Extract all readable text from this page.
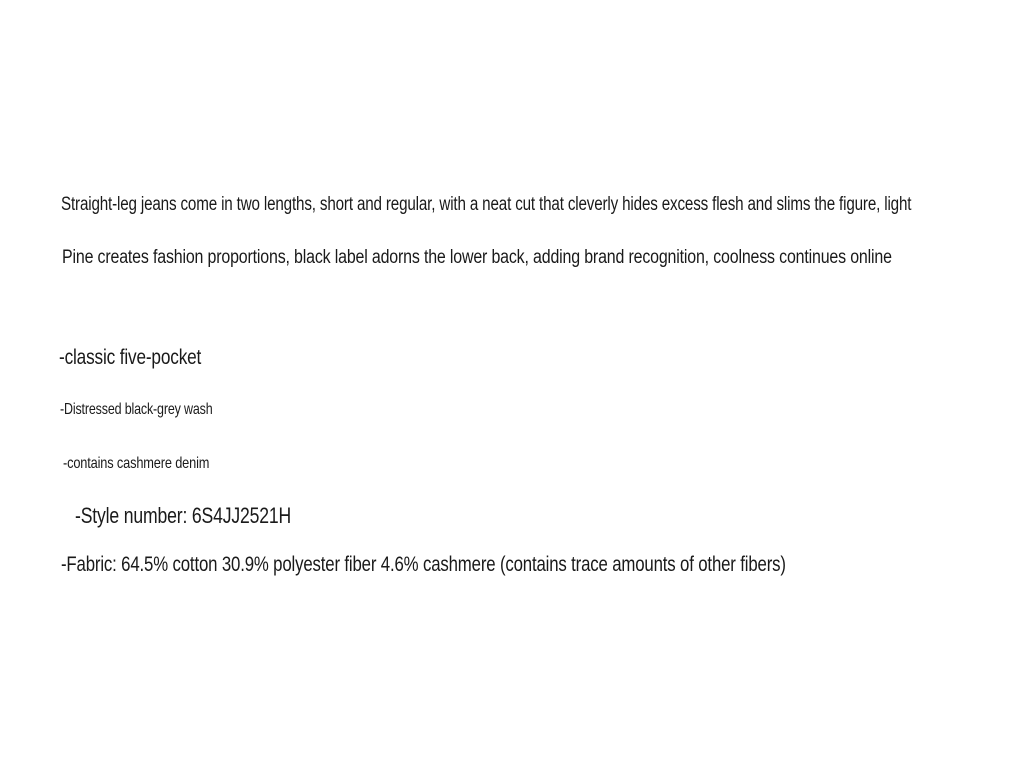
Straight-leg jeans come in two lengths, short and regular, with a neat cut that cleverly hides excess flesh and slims the figure, light
Pine creates fashion proportions, black label adorns the lower back, adding brand recognition, coolness continues online
-classic five-pocket
-Distressed black-grey wash
-contains cashmere denim
-Style number: 6S4JJ2521H
-Fabric: 64.5% cotton 30.9% polyester fiber 4.6% cashmere (contains trace amounts of other fibers)
